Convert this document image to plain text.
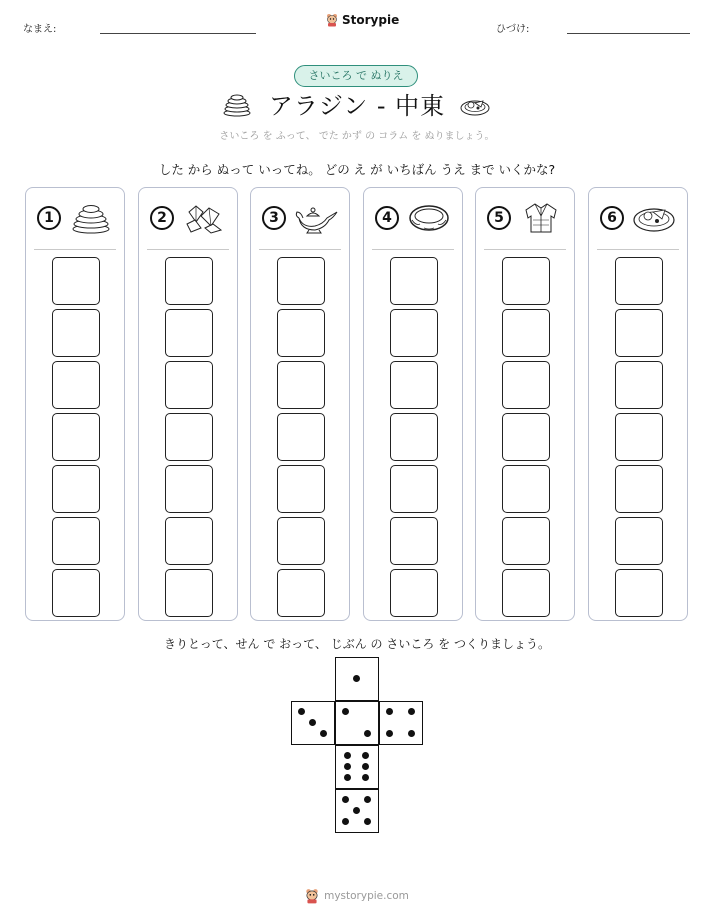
なまえ:
Storypie
ひづけ:
さいころ で ぬりえ
アラジン - 中東
さいころ を ふって、 でた かず の コラム を ぬりましょう。
した から ぬって いってね。 どの え が いちばん うえ まで いくかな?
1	2	3	4	5	6
きりとって、せん で おって、 じぶん の さいころ を つくりましょう。
mystorypie.com
